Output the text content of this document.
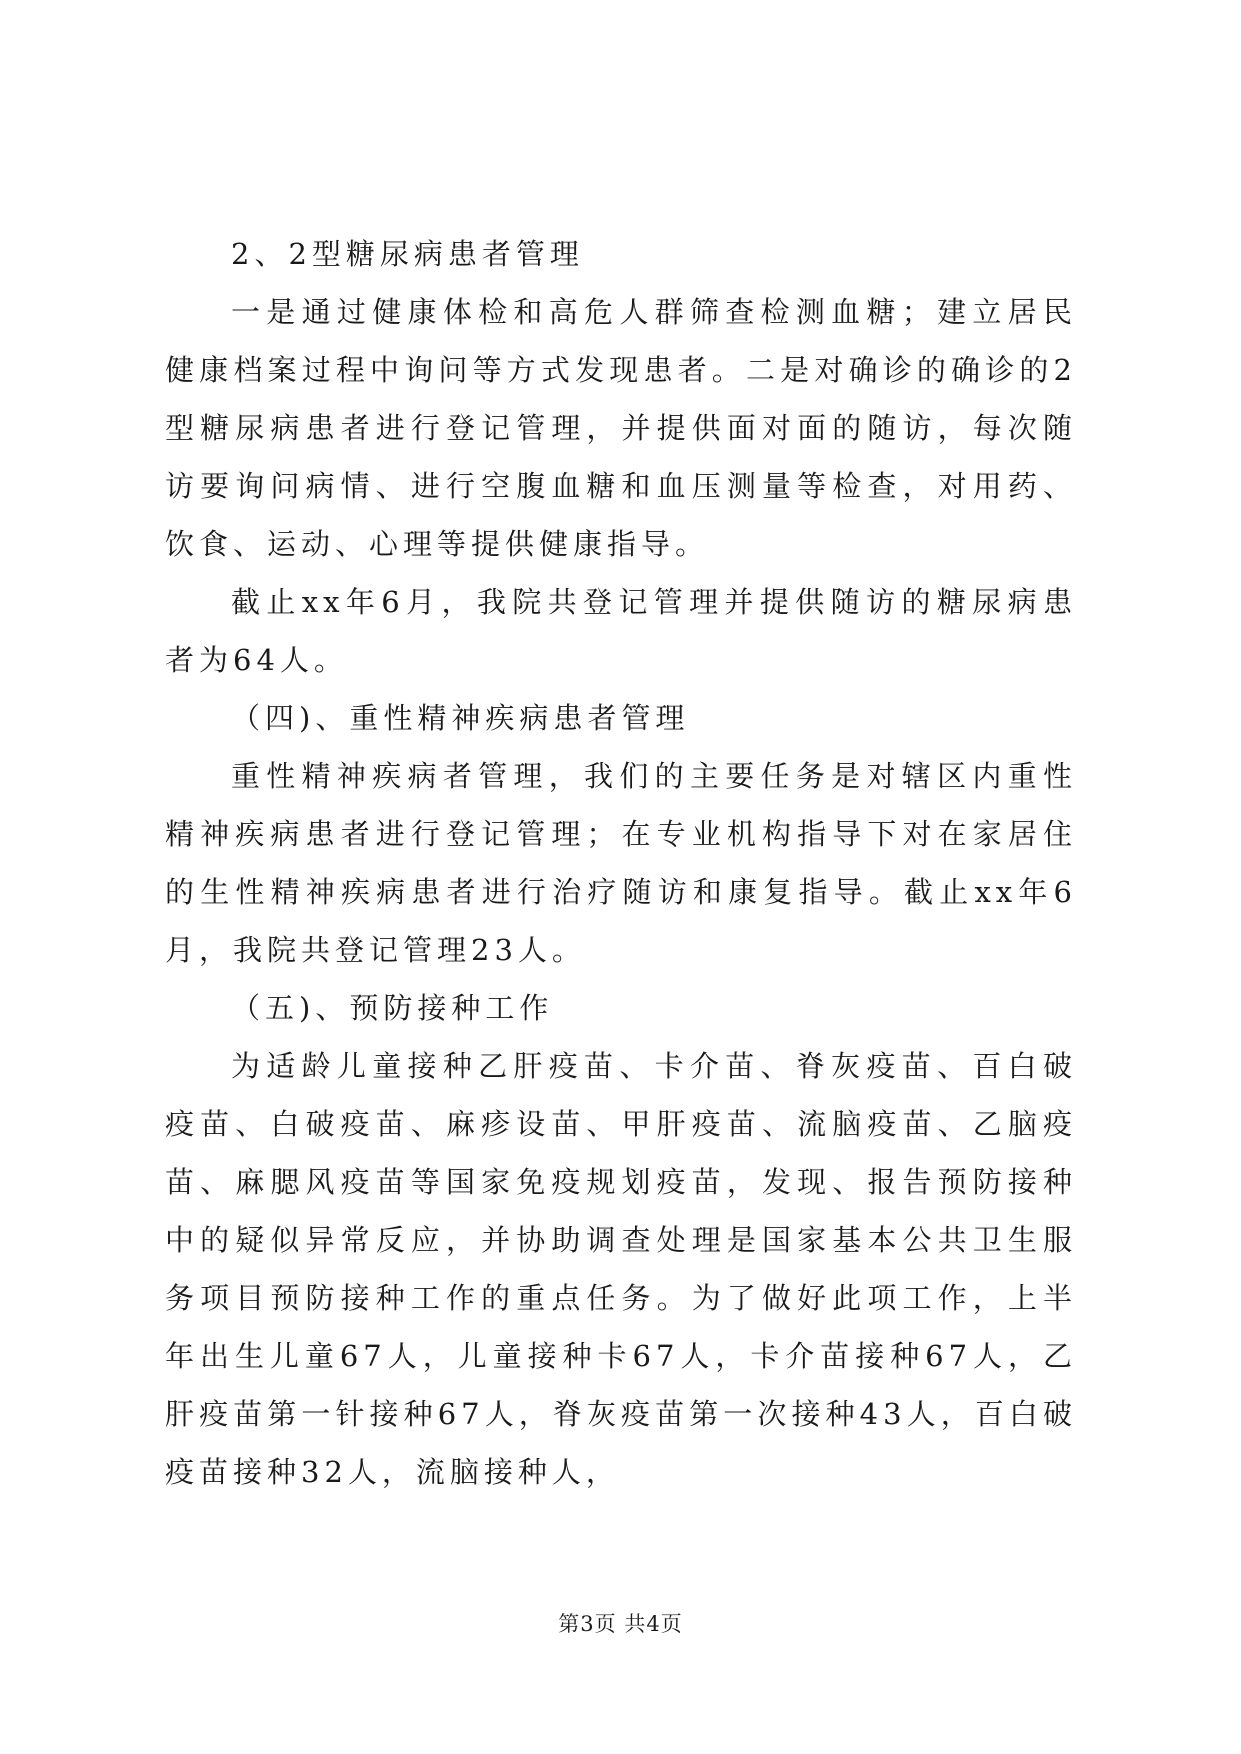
2、2型糖尿病患者管理

一是通过健康体检和高危人群筛查检测血糖；建立居民健康档案过程中询问等方式发现患者。二是对确诊的确诊的2型糖尿病患者进行登记管理，并提供面对面的随访，每次随访要询问病情、进行空腹血糖和血压测量等检查，对用药、饮食、运动、心理等提供健康指导。

截止xx年6月，我院共登记管理并提供随访的糖尿病患者为64人。

（四)、重性精神疾病患者管理

重性精神疾病者管理，我们的主要任务是对辖区内重性精神疾病患者进行登记管理；在专业机构指导下对在家居住的生性精神疾病患者进行治疗随访和康复指导。截止xx年6月，我院共登记管理23人。

（五)、预防接种工作

为适龄儿童接种乙肝疫苗、卡介苗、脊灰疫苗、百白破疫苗、白破疫苗、麻疹设苗、甲肝疫苗、流脑疫苗、乙脑疫苗、麻腮风疫苗等国家免疫规划疫苗，发现、报告预防接种中的疑似异常反应，并协助调查处理是国家基本公共卫生服务项目预防接种工作的重点任务。为了做好此项工作，上半年出生儿童67人，儿童接种卡67人，卡介苗接种67人，乙肝疫苗第一针接种67人，脊灰疫苗第一次接种43人，百白破疫苗接种32人，流脑接种人，

第3页 共4页
